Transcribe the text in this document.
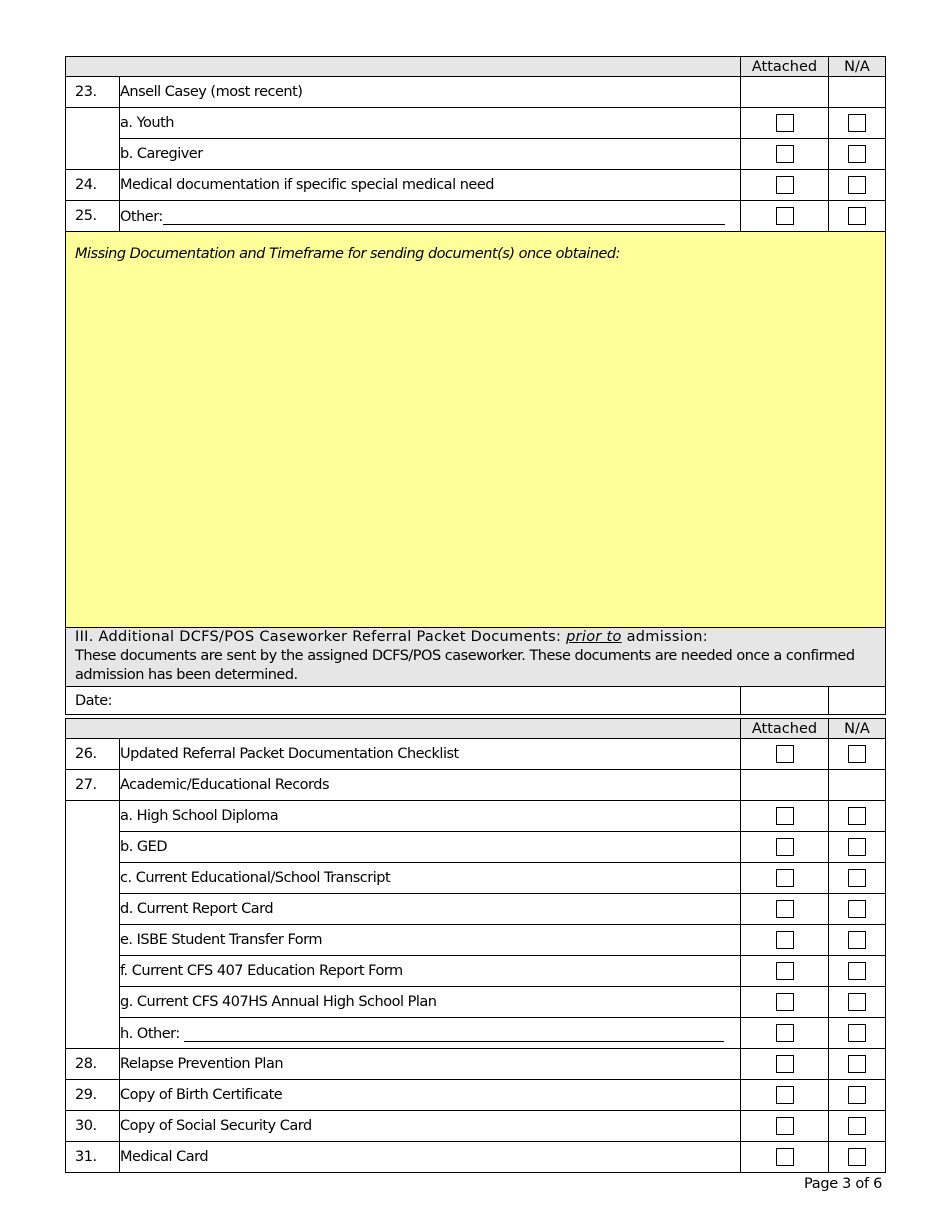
		Attached	N/A
23.	Ansell Casey (most recent)		
	a. Youth		
	b. Caregiver		
24.	Medical documentation if specific special medical need		
25.	Other:		
Missing Documentation and Timeframe for sending document(s) once obtained:			
III. Additional DCFS/POS Caseworker Referral Packet Documents: prior to admission:
These documents are sent by the assigned DCFS/POS caseworker. These documents are needed once a confirmed admission has been determined.
Date:		
		Attached	N/A
26.	Updated Referral Packet Documentation Checklist		
27.	Academic/Educational Records		
	a. High School Diploma		
	b. GED		
	c. Current Educational/School Transcript		
	d. Current Report Card		
	e. ISBE Student Transfer Form		
	f. Current CFS 407 Education Report Form		
	g. Current CFS 407HS Annual High School Plan		
	h. Other:		
28.	Relapse Prevention Plan		
29.	Copy of Birth Certificate		
30.	Copy of Social Security Card		
31.	Medical Card		
Page 3 of 6
